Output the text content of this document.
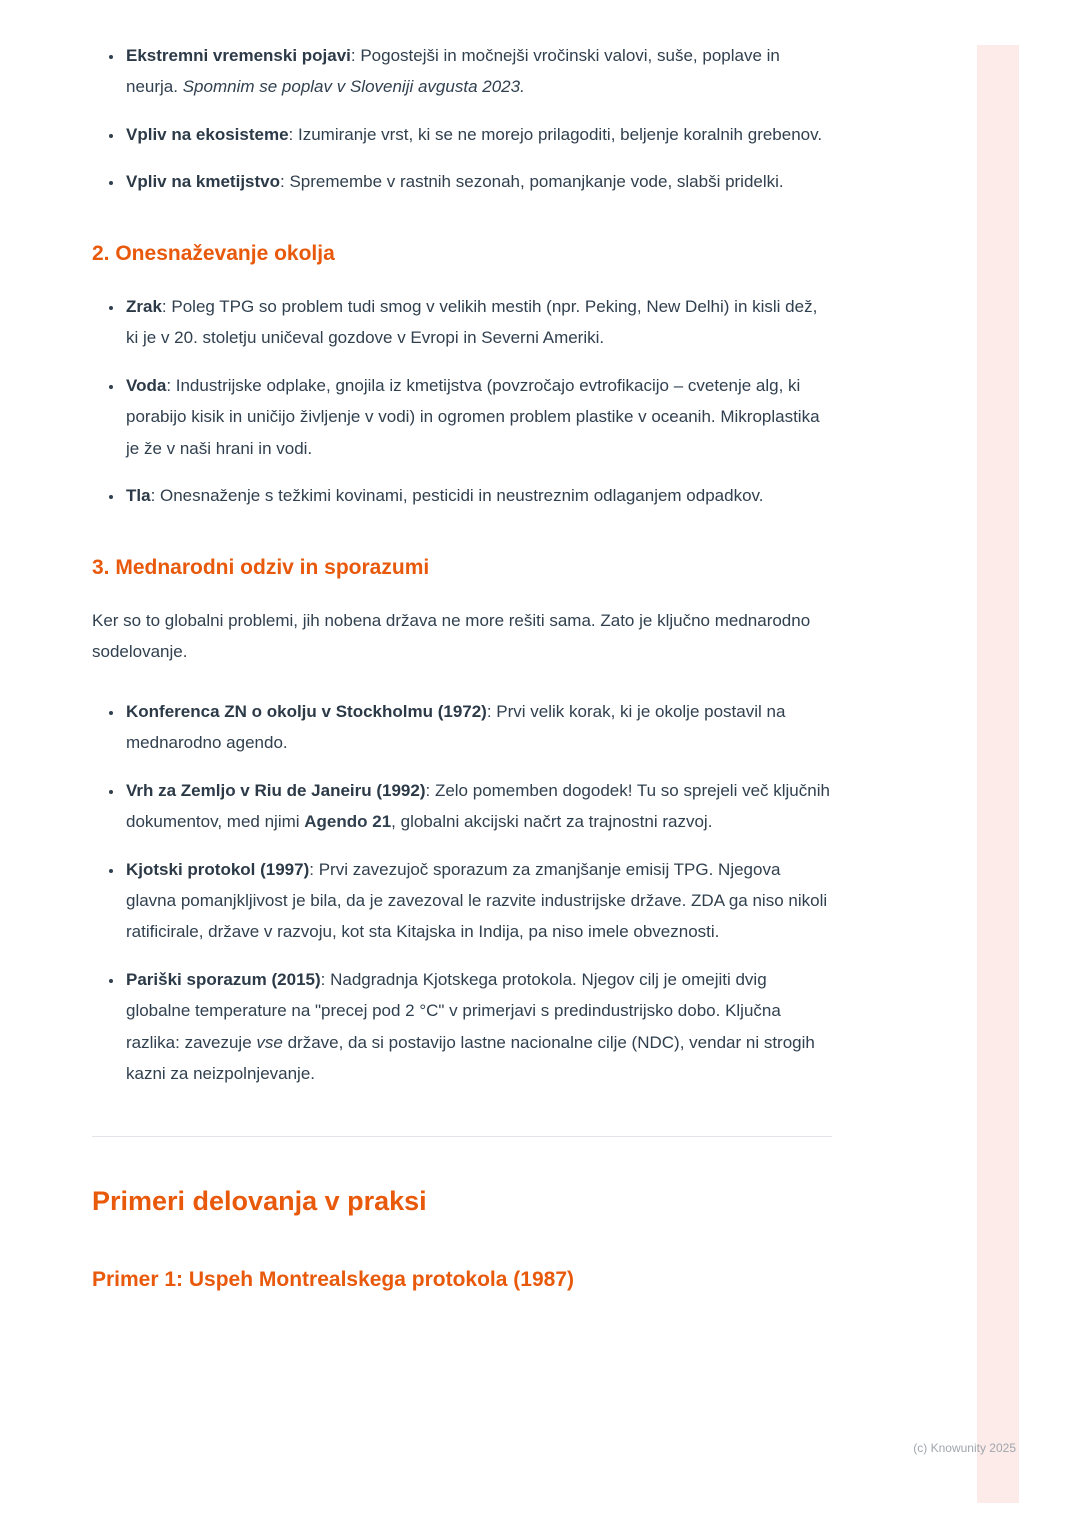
• Ekstremni vremenski pojavi: Pogostejši in močnejši vročinski valovi, suše, poplave in neurja. Spomnim se poplav v Sloveniji avgusta 2023.
• Vpliv na ekosisteme: Izumiranje vrst, ki se ne morejo prilagoditi, beljenje koralnih grebenov.
• Vpliv na kmetijstvo: Spremembe v rastnih sezonah, pomanjkanje vode, slabši pridelki.
2. Onesnaževanje okolja
• Zrak: Poleg TPG so problem tudi smog v velikih mestih (npr. Peking, New Delhi) in kisli dež, ki je v 20. stoletju uničeval gozdove v Evropi in Severni Ameriki.
• Voda: Industrijske odplake, gnojila iz kmetijstva (povzročajo evtrofikacijo – cvetenje alg, ki porabijo kisik in uničijo življenje v vodi) in ogromen problem plastike v oceanih. Mikroplastika je že v naši hrani in vodi.
• Tla: Onesnaženje s težkimi kovinami, pesticidi in neustreznim odlaganjem odpadkov.
3. Mednarodni odziv in sporazumi

Ker so to globalni problemi, jih nobena država ne more rešiti sama. Zato je ključno mednarodno sodelovanje.

• Konferenca ZN o okolju v Stockholmu (1972): Prvi velik korak, ki je okolje postavil na mednarodno agendo.
• Vrh za Zemljo v Riu de Janeiru (1992): Zelo pomemben dogodek! Tu so sprejeli več ključnih dokumentov, med njimi Agendo 21, globalni akcijski načrt za trajnostni razvoj.
• Kjotski protokol (1997): Prvi zavezujoč sporazum za zmanjšanje emisij TPG. Njegova glavna pomanjkljivost je bila, da je zavezoval le razvite industrijske države. ZDA ga niso nikoli ratificirale, države v razvoju, kot sta Kitajska in Indija, pa niso imele obveznosti.
• Pariški sporazum (2015): Nadgradnja Kjotskega protokola. Njegov cilj je omejiti dvig globalne temperature na "precej pod 2 °C" v primerjavi s predindustrijsko dobo. Ključna razlika: zavezuje vse države, da si postavijo lastne nacionalne cilje (NDC), vendar ni strogih kazni za neizpolnjevanje.
Primeri delovanja v praksi
Primer 1: Uspeh Montrealskega protokola (1987)
(c) Knowunity 2025
